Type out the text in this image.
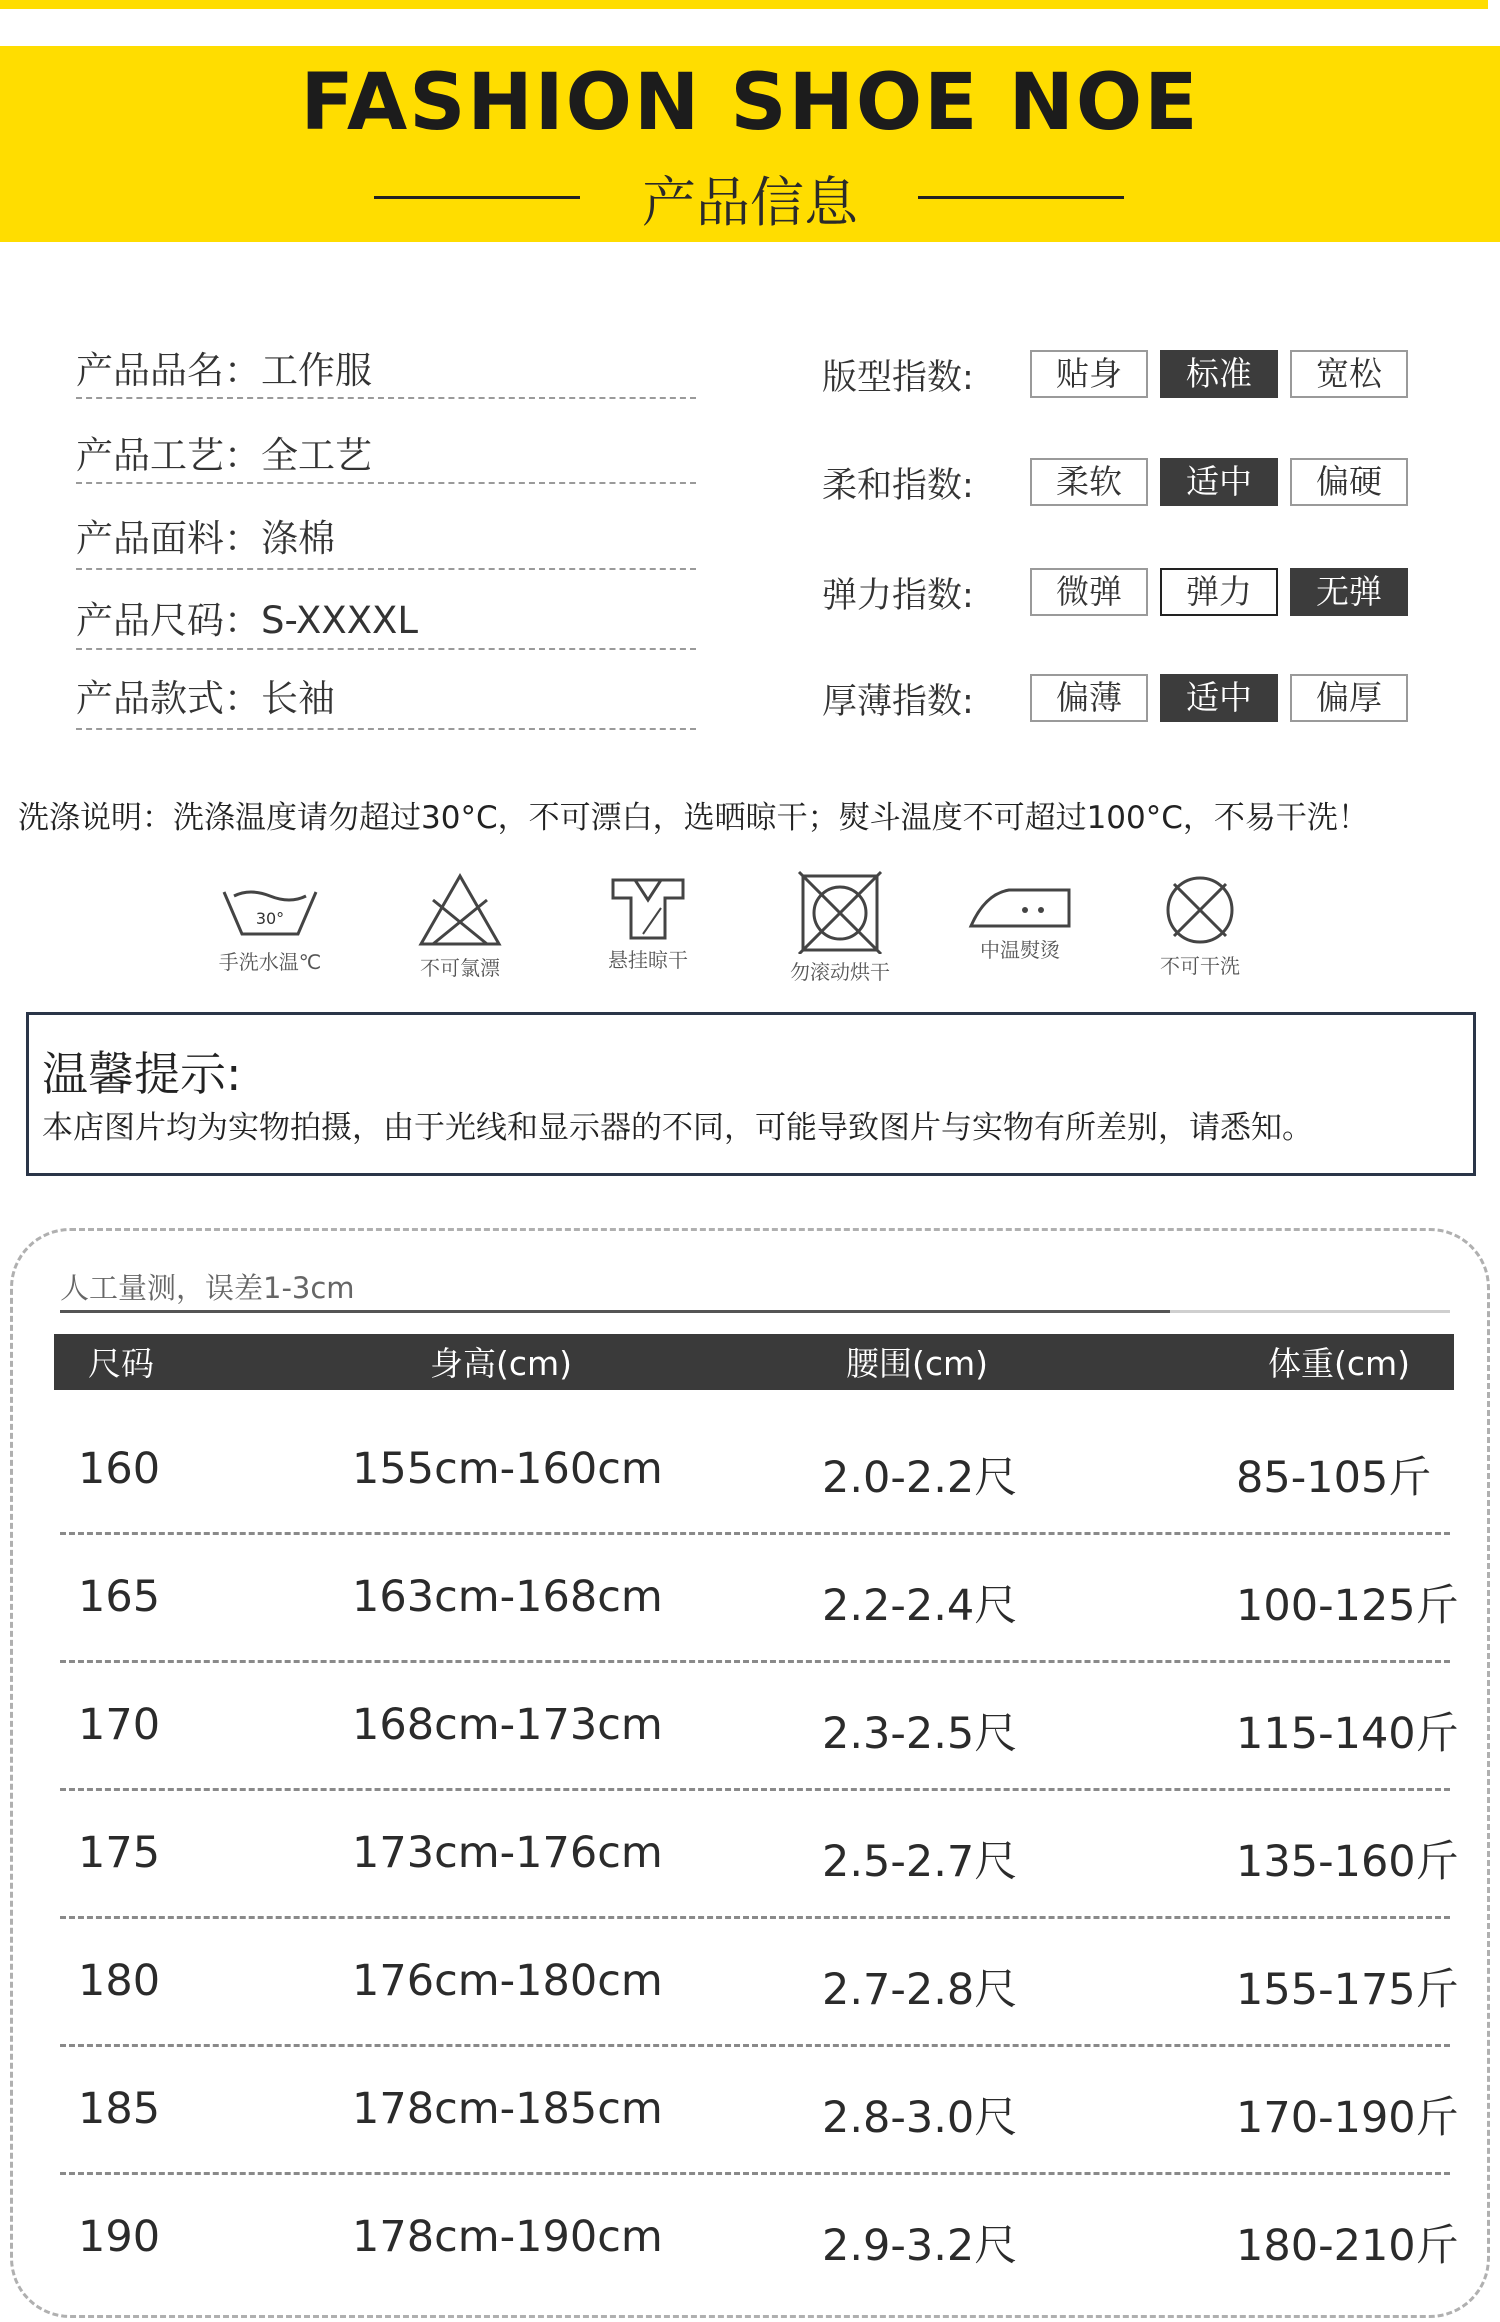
FASHION SHOE NOE
产品信息
产品品名：工作服
产品工艺：全工艺
产品面料：涤棉
产品尺码：S-XXXXL
产品款式：长袖
版型指数:	贴身	标准	宽松
柔和指数:	柔软	适中	偏硬
弹力指数:	微弹	弹力	无弹
厚薄指数:	偏薄	适中	偏厚
洗涤说明：洗涤温度请勿超过30°C，不可漂白，选晒晾干；熨斗温度不可超过100°C，不易干洗！
30°
手洗水温℃	不可氯漂	悬挂晾干	勿滚动烘干
中温熨烫
不可干洗
温馨提示:
本店图片均为实物拍摄，由于光线和显示器的不同，可能导致图片与实物有所差别，请悉知。
人工量测，误差1-3cm
尺码	身高(cm)	腰围(cm)	体重(cm)
160	155cm-160cm	2.0-2.2尺	85-105斤
165	163cm-168cm	2.2-2.4尺	100-125斤
170	168cm-173cm	2.3-2.5尺	115-140斤
175	173cm-176cm	2.5-2.7尺	135-160斤
180	176cm-180cm	2.7-2.8尺	155-175斤
185	178cm-185cm	2.8-3.0尺	170-190斤
190	178cm-190cm	2.9-3.2尺	180-210斤
